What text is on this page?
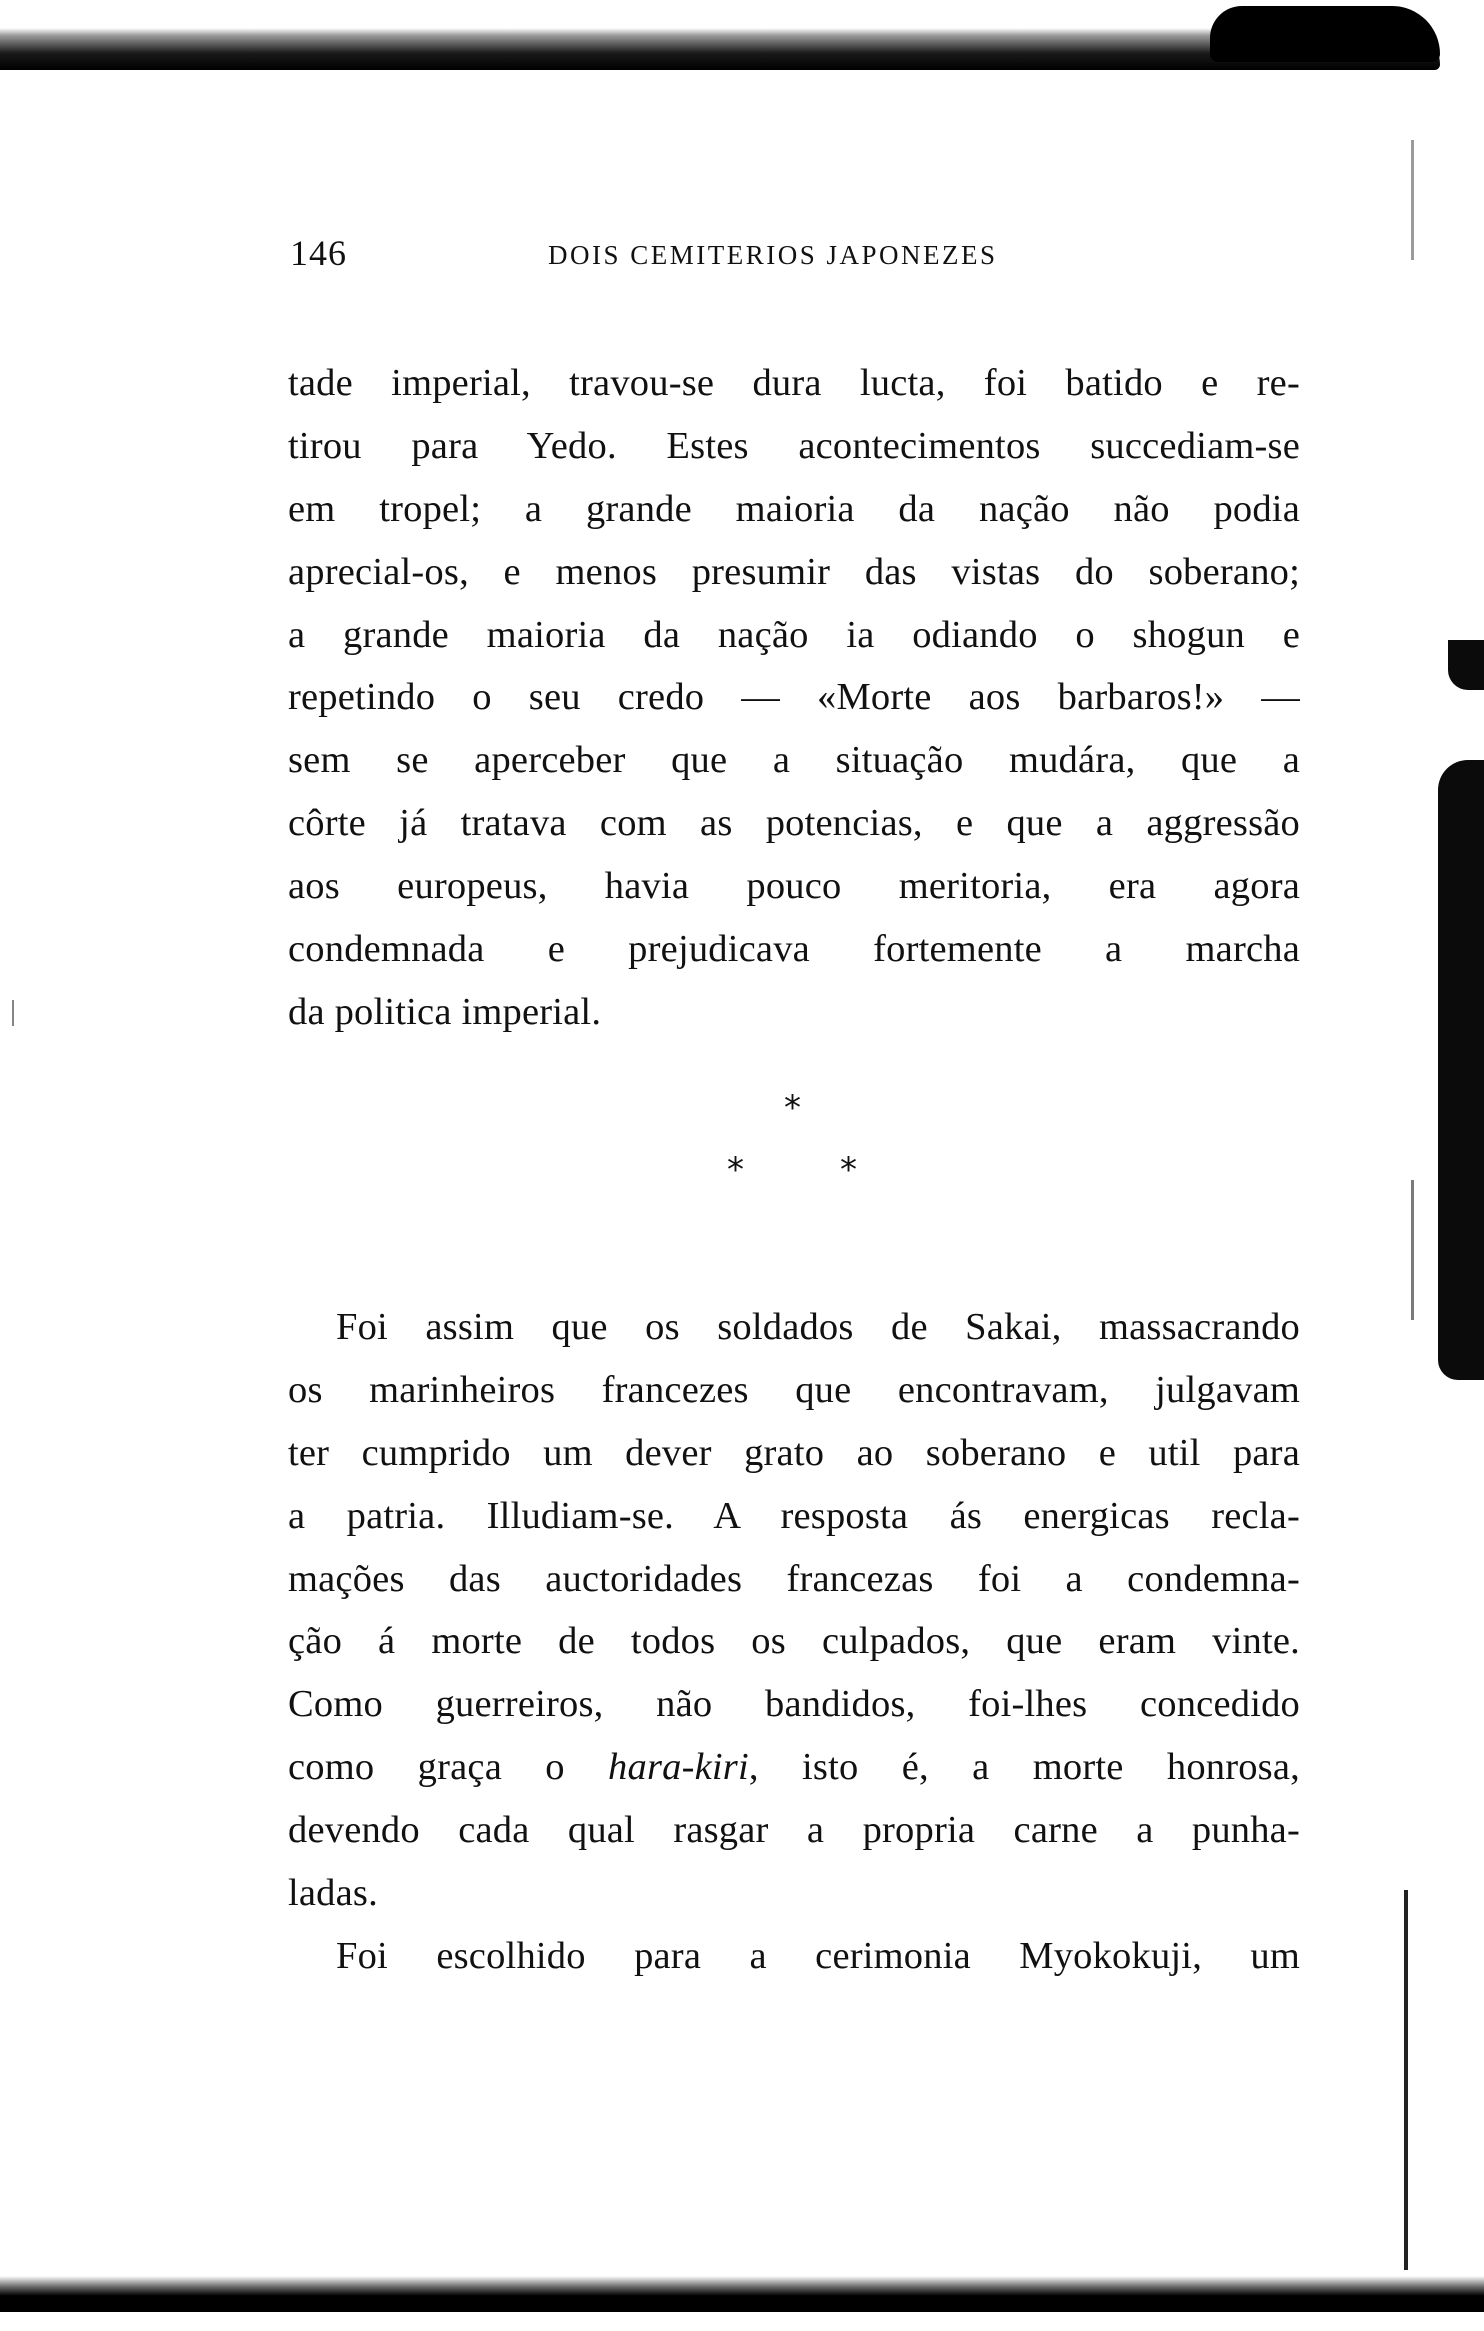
146	DOIS CEMITERIOS JAPONEZES
tade imperial, travou-se dura lucta, foi batido e re-
tirou para Yedo. Estes acontecimentos succediam-se
em tropel; a grande maioria da nação não podia
aprecial-os, e menos presumir das vistas do soberano;
a grande maioria da nação ia odiando o shogun e
repetindo o seu credo — «Morte aos barbaros!» —
sem se aperceber que a situação mudára, que a
côrte já tratava com as potencias, e que a aggressão
aos europeus, havia pouco meritoria, era agora
condemnada e prejudicava fortemente a marcha
da politica imperial.
*
*	*
Foi assim que os soldados de Sakai, massacrando
os marinheiros francezes que encontravam, julgavam
ter cumprido um dever grato ao soberano e util para
a patria. Illudiam-se. A resposta ás energicas recla-
mações das auctoridades francezas foi a condemna-
ção á morte de todos os culpados, que eram vinte.
Como guerreiros, não bandidos, foi-lhes concedido
como graça o hara-kiri, isto é, a morte honrosa,
devendo cada qual rasgar a propria carne a punha-
ladas.
Foi escolhido para a cerimonia Myokokuji, um
